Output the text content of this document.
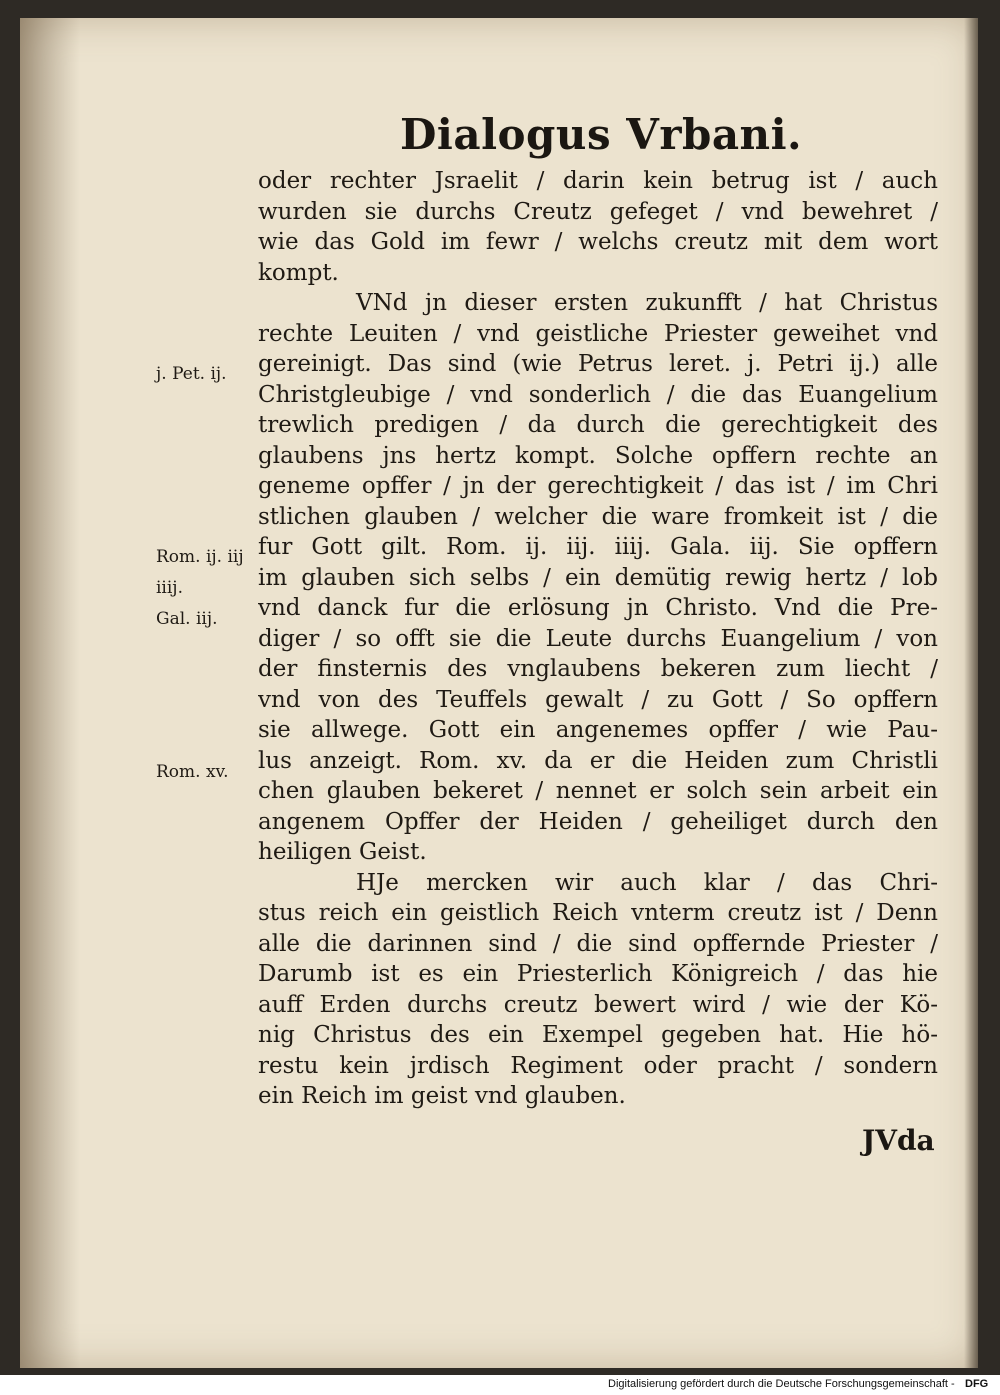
Dialogus Vrbani.
oder rechter Jsraelit / darin kein betrug ist / auch
wurden sie durchs Creutz gefeget / vnd bewehret /
wie das Gold im fewr / welchs creutz mit dem wort
kompt.
VNd jn dieser ersten zukunfft / hat Christus
rechte Leuiten / vnd geistliche Priester geweihet vnd
gereinigt. Das sind (wie Petrus leret. j. Petri ij.) alle
Christgleubige / vnd sonderlich / die das Euangelium
trewlich predigen / da durch die gerechtigkeit des
glaubens jns hertz kompt. Solche opffern rechte an
geneme opffer / jn der gerechtigkeit / das ist / im Chri
stlichen glauben / welcher die ware fromkeit ist / die
fur Gott gilt. Rom. ij. iij. iiij. Gala. iij. Sie opffern
im glauben sich selbs / ein demütig rewig hertz / lob
vnd danck fur die erlösung jn Christo. Vnd die Pre-
diger / so offt sie die Leute durchs Euangelium / von
der finsternis des vnglaubens bekeren zum liecht /
vnd von des Teuffels gewalt / zu Gott / So opffern
sie allwege. Gott ein angenemes opffer / wie Pau-
lus anzeigt. Rom. xv. da er die Heiden zum Christli
chen glauben bekeret / nennet er solch sein arbeit ein
angenem Opffer der Heiden / geheiliget durch den
heiligen Geist.
HJe mercken wir auch klar / das Chri-
stus reich ein geistlich Reich vnterm creutz ist / Denn
alle die darinnen sind / die sind opffernde Priester /
Darumb ist es ein Priesterlich Königreich / das hie
auff Erden durchs creutz bewert wird / wie der Kö-
nig Christus des ein Exempel gegeben hat. Hie hö-
restu kein jrdisch Regiment oder pracht / sondern
ein Reich im geist vnd glauben.
j. Pet. ij.
Rom. ij. iij
iiij.
Gal. iij.
Rom. xv.
JVda
Digitalisierung gefördert durch die Deutsche Forschungsgemeinschaft - DFG
